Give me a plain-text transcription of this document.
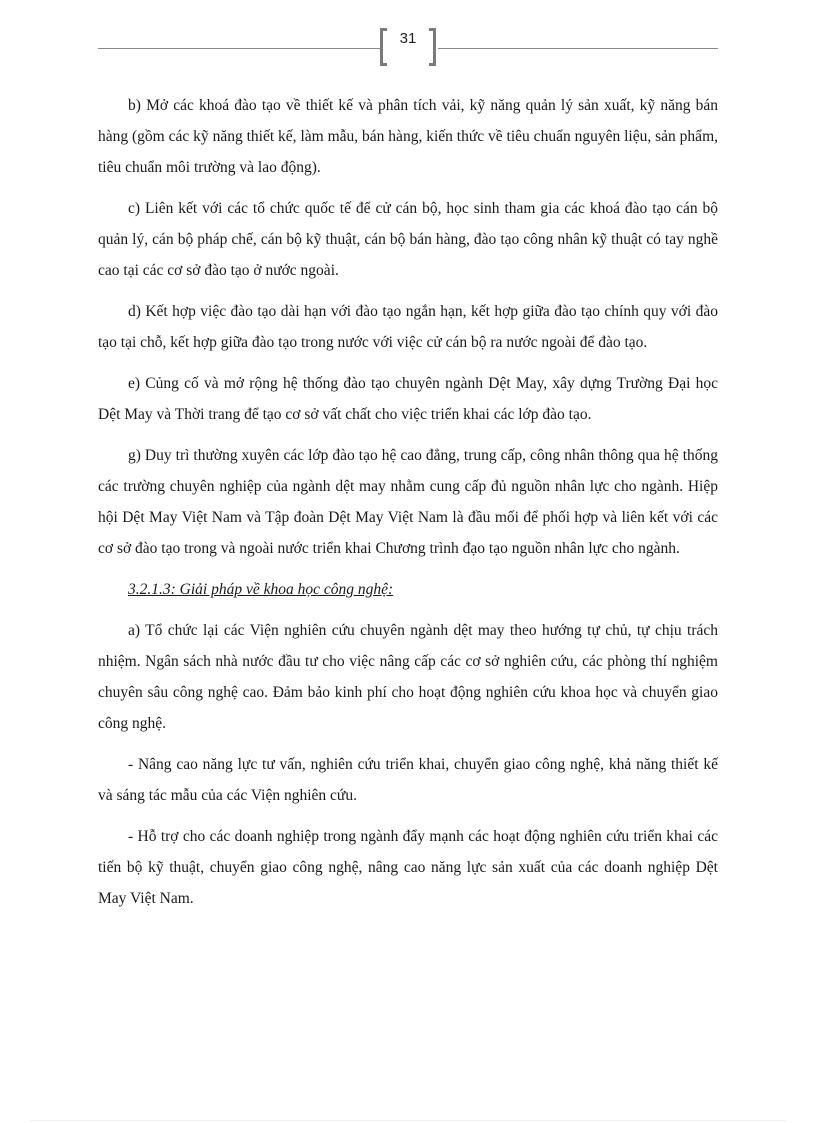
31

b) Mở các khoá đào tạo về thiết kế và phân tích vải, kỹ năng quản lý sản xuất, kỹ năng bán hàng (gồm các kỹ năng thiết kế, làm mẫu, bán hàng, kiến thức về tiêu chuẩn nguyên liệu, sản phẩm, tiêu chuẩn môi trường và lao động).

c) Liên kết với các tổ chức quốc tế để cử cán bộ, học sinh tham gia các khoá đào tạo cán bộ quản lý, cán bộ pháp chế, cán bộ kỹ thuật, cán bộ bán hàng, đào tạo công nhân kỹ thuật có tay nghề cao tại các cơ sở đào tạo ở nước ngoài.

d) Kết hợp việc đào tạo dài hạn với đào tạo ngắn hạn, kết hợp giữa đào tạo chính quy với đào tạo tại chỗ, kết hợp giữa đào tạo trong nước với việc cử cán bộ ra nước ngoài để đào tạo.

e) Củng cố và mở rộng hệ thống đào tạo chuyên ngành Dệt May, xây dựng Trường Đại học Dệt May và Thời trang để tạo cơ sở vất chất cho việc triển khai các lớp đào tạo.

g) Duy trì thường xuyên các lớp đào tạo hệ cao đẳng, trung cấp, công nhân thông qua hệ thống các trường chuyên nghiệp của ngành dệt may nhằm cung cấp đủ nguồn nhân lực cho ngành. Hiệp hội Dệt May Việt Nam và Tập đoàn Dệt May Việt Nam là đầu mối để phối hợp và liên kết với các cơ sở đào tạo trong và ngoài nước triển khai Chương trình đạo tạo nguồn nhân lực cho ngành.

3.2.1.3: Giải pháp về khoa học công nghệ:

a) Tổ chức lại các Viện nghiên cứu chuyên ngành dệt may theo hướng tự chủ, tự chịu trách nhiệm. Ngân sách nhà nước đầu tư cho việc nâng cấp các cơ sở nghiên cứu, các phòng thí nghiệm chuyên sâu công nghệ cao. Đảm bảo kinh phí cho hoạt động nghiên cứu khoa học và chuyển giao công nghệ.

- Nâng cao năng lực tư vấn, nghiên cứu triển khai, chuyển giao công nghệ, khả năng thiết kế và sáng tác mẫu của các Viện nghiên cứu.

- Hỗ trợ cho các doanh nghiệp trong ngành đẩy mạnh các hoạt động nghiên cứu triển khai các tiến bộ kỹ thuật, chuyển giao công nghệ, nâng cao năng lực sản xuất của các doanh nghiệp Dệt May Việt Nam.
